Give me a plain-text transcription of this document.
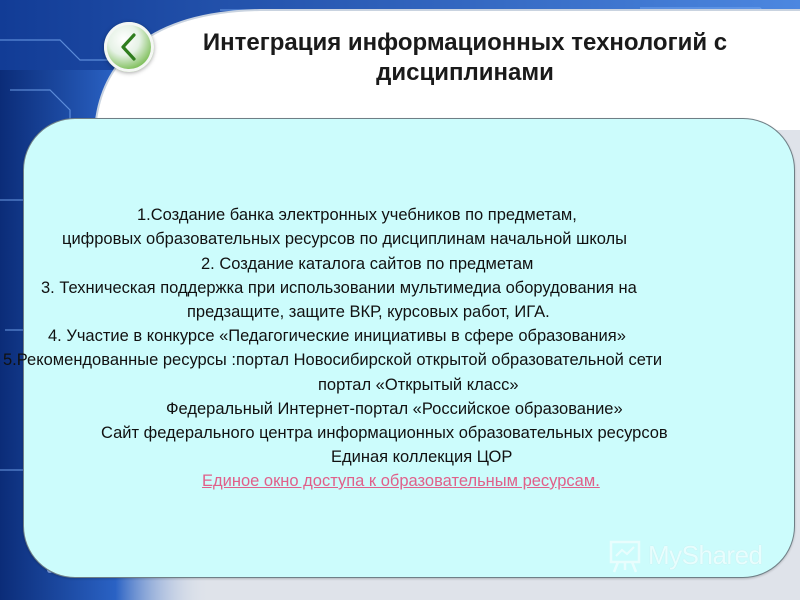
Интеграция информационных технологий с
дисциплинами
1.Создание банка электронных учебников по предметам,
цифровых образовательных ресурсов по дисциплинам начальной школы
2. Создание каталога сайтов по предметам
3. Техническая поддержка при использовании мультимедиа оборудования на
предзащите, защите ВКР, курсовых работ, ИГА.
4. Участие в конкурсе «Педагогические инициативы в сфере образования»
5.Рекомендованные ресурсы :портал Новосибирской открытой образовательной сети
портал «Открытый класс»
Федеральный Интернет-портал «Российское образование»
Сайт федерального центра информационных образовательных ресурсов
Единая коллекция ЦОР
Единое окно доступа к образовательным ресурсам.
MyShared
